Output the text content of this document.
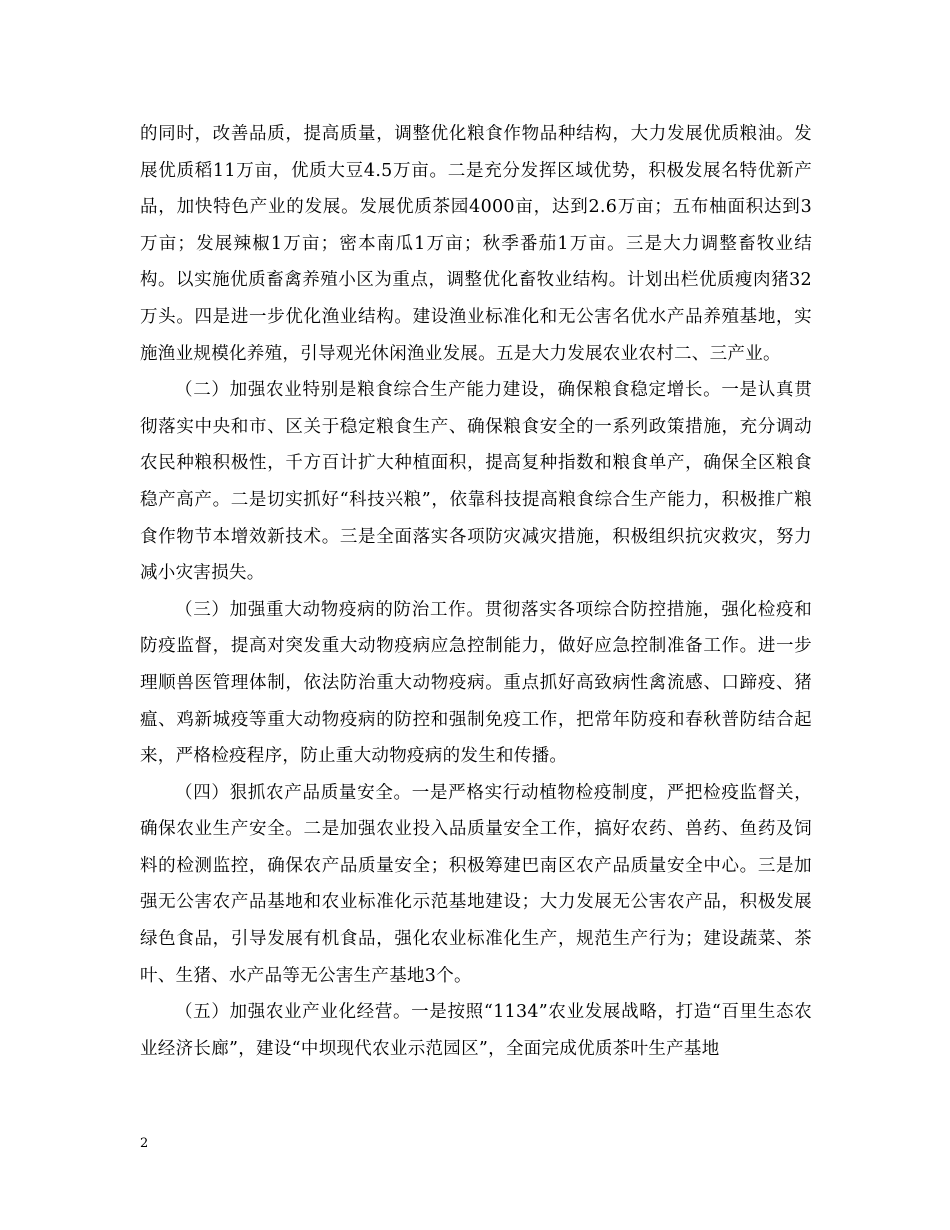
的同时，改善品质，提高质量，调整优化粮食作物品种结构，大力发展优质粮油。发展优质稻11万亩，优质大豆4.5万亩。二是充分发挥区域优势，积极发展名特优新产品，加快特色产业的发展。发展优质茶园4000亩，达到2.6万亩；五布柚面积达到3万亩；发展辣椒1万亩；密本南瓜1万亩；秋季番茄1万亩。三是大力调整畜牧业结构。以实施优质畜禽养殖小区为重点，调整优化畜牧业结构。计划出栏优质瘦肉猪32万头。四是进一步优化渔业结构。建设渔业标准化和无公害名优水产品养殖基地，实施渔业规模化养殖，引导观光休闲渔业发展。五是大力发展农业农村二、三产业。

（二）加强农业特别是粮食综合生产能力建设，确保粮食稳定增长。一是认真贯彻落实中央和市、区关于稳定粮食生产、确保粮食安全的一系列政策措施，充分调动农民种粮积极性，千方百计扩大种植面积，提高复种指数和粮食单产，确保全区粮食稳产高产。二是切实抓好“科技兴粮”，依靠科技提高粮食综合生产能力，积极推广粮食作物节本增效新技术。三是全面落实各项防灾减灾措施，积极组织抗灾救灾，努力减小灾害损失。

（三）加强重大动物疫病的防治工作。贯彻落实各项综合防控措施，强化检疫和防疫监督，提高对突发重大动物疫病应急控制能力，做好应急控制准备工作。进一步理顺兽医管理体制，依法防治重大动物疫病。重点抓好高致病性禽流感、口蹄疫、猪瘟、鸡新城疫等重大动物疫病的防控和强制免疫工作，把常年防疫和春秋普防结合起来，严格检疫程序，防止重大动物疫病的发生和传播。

（四）狠抓农产品质量安全。一是严格实行动植物检疫制度，严把检疫监督关，确保农业生产安全。二是加强农业投入品质量安全工作，搞好农药、兽药、鱼药及饲料的检测监控，确保农产品质量安全；积极筹建巴南区农产品质量安全中心。三是加强无公害农产品基地和农业标准化示范基地建设；大力发展无公害农产品，积极发展绿色食品，引导发展有机食品，强化农业标准化生产，规范生产行为；建设蔬菜、茶叶、生猪、水产品等无公害生产基地3个。

（五）加强农业产业化经营。一是按照“1134”农业发展战略，打造“百里生态农业经济长廊”，建设“中坝现代农业示范园区”，全面完成优质茶叶生产基地

2
